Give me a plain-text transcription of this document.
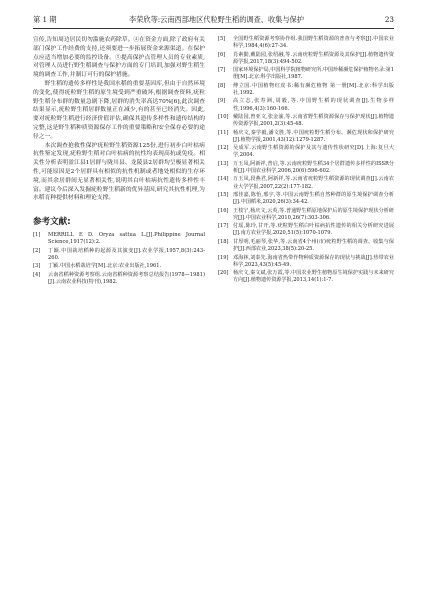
第 1 期	李荣欣等:云南西部地区代粒野生稻的调查、收集与保护	23

宣传,告知周边居民切勿滥施农药除草。④在资金方面,除了政府有关部门保护工作经费的支持,还须要进一步拓展资金来源渠道。在保护点应适当增加必要的监控设备。⑤提高保护点管理人员的专业素质,对管理人员进行野生稻调查与保护方面的专门培训,加强对野生稻生境的调查工作,并制订可行的保护措施。

野生稻的遗传多样性是我国水稻的重要基因库,但由于自然环境的变化,使得疣粒野生稻的原生境受到严重破坏,根据调查资料,疣粒野生稻分布群的数量急剧下降,居群的消失率高达70%[6],此次调查结果显示,疣粒野生稻居群数量正在减少,有的甚至已经消失。因此,要对疣粒野生稻进行经济价值评估,确保其遗传多样性和遗传结构的完整,这是野生稻种质资源保存工作的重要策略和安全保存必要的途径之一。

本次调查抢救性保护疣粒野生稻资源125份,进行初步白叶枯病抗性鉴定发现,疣粒野生稻对白叶枯病的抗性均表现高抗或免疫。相关性分析表明盈江县1居群与陇川县、龙陵县2居群均呈极显著相关性,可能原因是2个居群具有相似的抗性机制或者地处相似的生存环境,而其余居群间无显著相关性,说明其白叶枯病抗性遗传多样性丰富。建议今后深入发掘疣粒野生稻新的优异基因,研究其抗性机理,为水稻育种提供材料和理论支撑。

参考文献:
[1]	MERRILL E D. Oryza sattua L.[J].Philippine Journal Science,1917(12):2.
[2]	丁颖.中国栽培稻种的起源及其演变[J].农业学报,1957,8(3):243-260.
[3]	丁颖.中国水稻栽培学[M].北京:农业出版社,1961.
[4]	云南省稻种资源考察组.云南省稻种资源考察总结报告(1978—1981)[J].云南农业科技(特刊),1982.
[5]	全国野生稻资源考察协作组.我国野生稻资源的普查与考察[J].中国农业科学,1984,4(6):27-34.
[6]	肖素勤,戴陆园,张绍融,等.云南疣粒野生稻资源及其保护[J].植物遗传资源学报,2017,18(3):494-502.
[7]	国家环境保护局,中国科学院植物研究所.中国珍稀濒危保护植物名录:第1册[M].北京:科学出版社,1987.
[8]	傅立国.中国植物红皮书:稀有濒危植物 第一册[M].北京:科学出版社,1992.
[9]	高立志,张寿洲,周毅,等.中国野生稻的现状调查[J].生物多样性,1996,4(3):160-166.
[10] 戴陆园,曾亚文,张金渝,等.云南省野生稻资源保存与保护现状[J].植物遗传资源学报,2001,2(3):45-48.
[11] 杨庆文,秦学毅,潘文胜,等.中国疣粒野生稻分布、濒危现状和保护研究[J].植物学报,2001,43(12):1279-1287.
[12] 吴成军.云南野生稻资源的保护及其与遗传性状研究[D].上海:复旦大学,2004.
[13] 万玉凤,阿新祥,普启,等.云南疣粒野生稻34个居群遗传多样性的ISSR分析[J].中国农业科学,2006,20(6):596-602.
[14] 万玉凤,段燕君,阿新祥,等.云南省疣粒野生稻资源的现状调查[J].云南农业大学学报,2007,22(2):177-182.
[15] 邢佳嘉,陈怡,邢宇,等.中国云南野生稻自然种群的原生境保护调查分析[J].中国稻米,2020,26(3):34-42.
[16] 王枝宁,杨庆文,云英,等.普通野生稻原地保护后的原生境保护现状分析研究[J].中国农业科学,2010,26(7):303-306.
[17] 付瑶,陈玲,甘开,等.疣粒野生稻白叶枯病抗性遗传的相关分析研究进展[J].南方农业学报,2020,51(5):1070-1079.
[18] 甘厚明,毛丽琴,张华,等.云南省4个州(市)疣粒野生稻的调查、收集与保护[J].西部农业,2023,38(5):20-25.
[19] 邓海林,刘泰先.海南省热带作物种质资源保存的现状与挑战[J].热带农业科学,2023,43(5):45-49.
[20] 杨庆文,秦文斌,张万霞,等.中国农业野生植物原生境保护实践与未来研究方向[J].植物遗传资源学报,2013,14(1):1-7.
